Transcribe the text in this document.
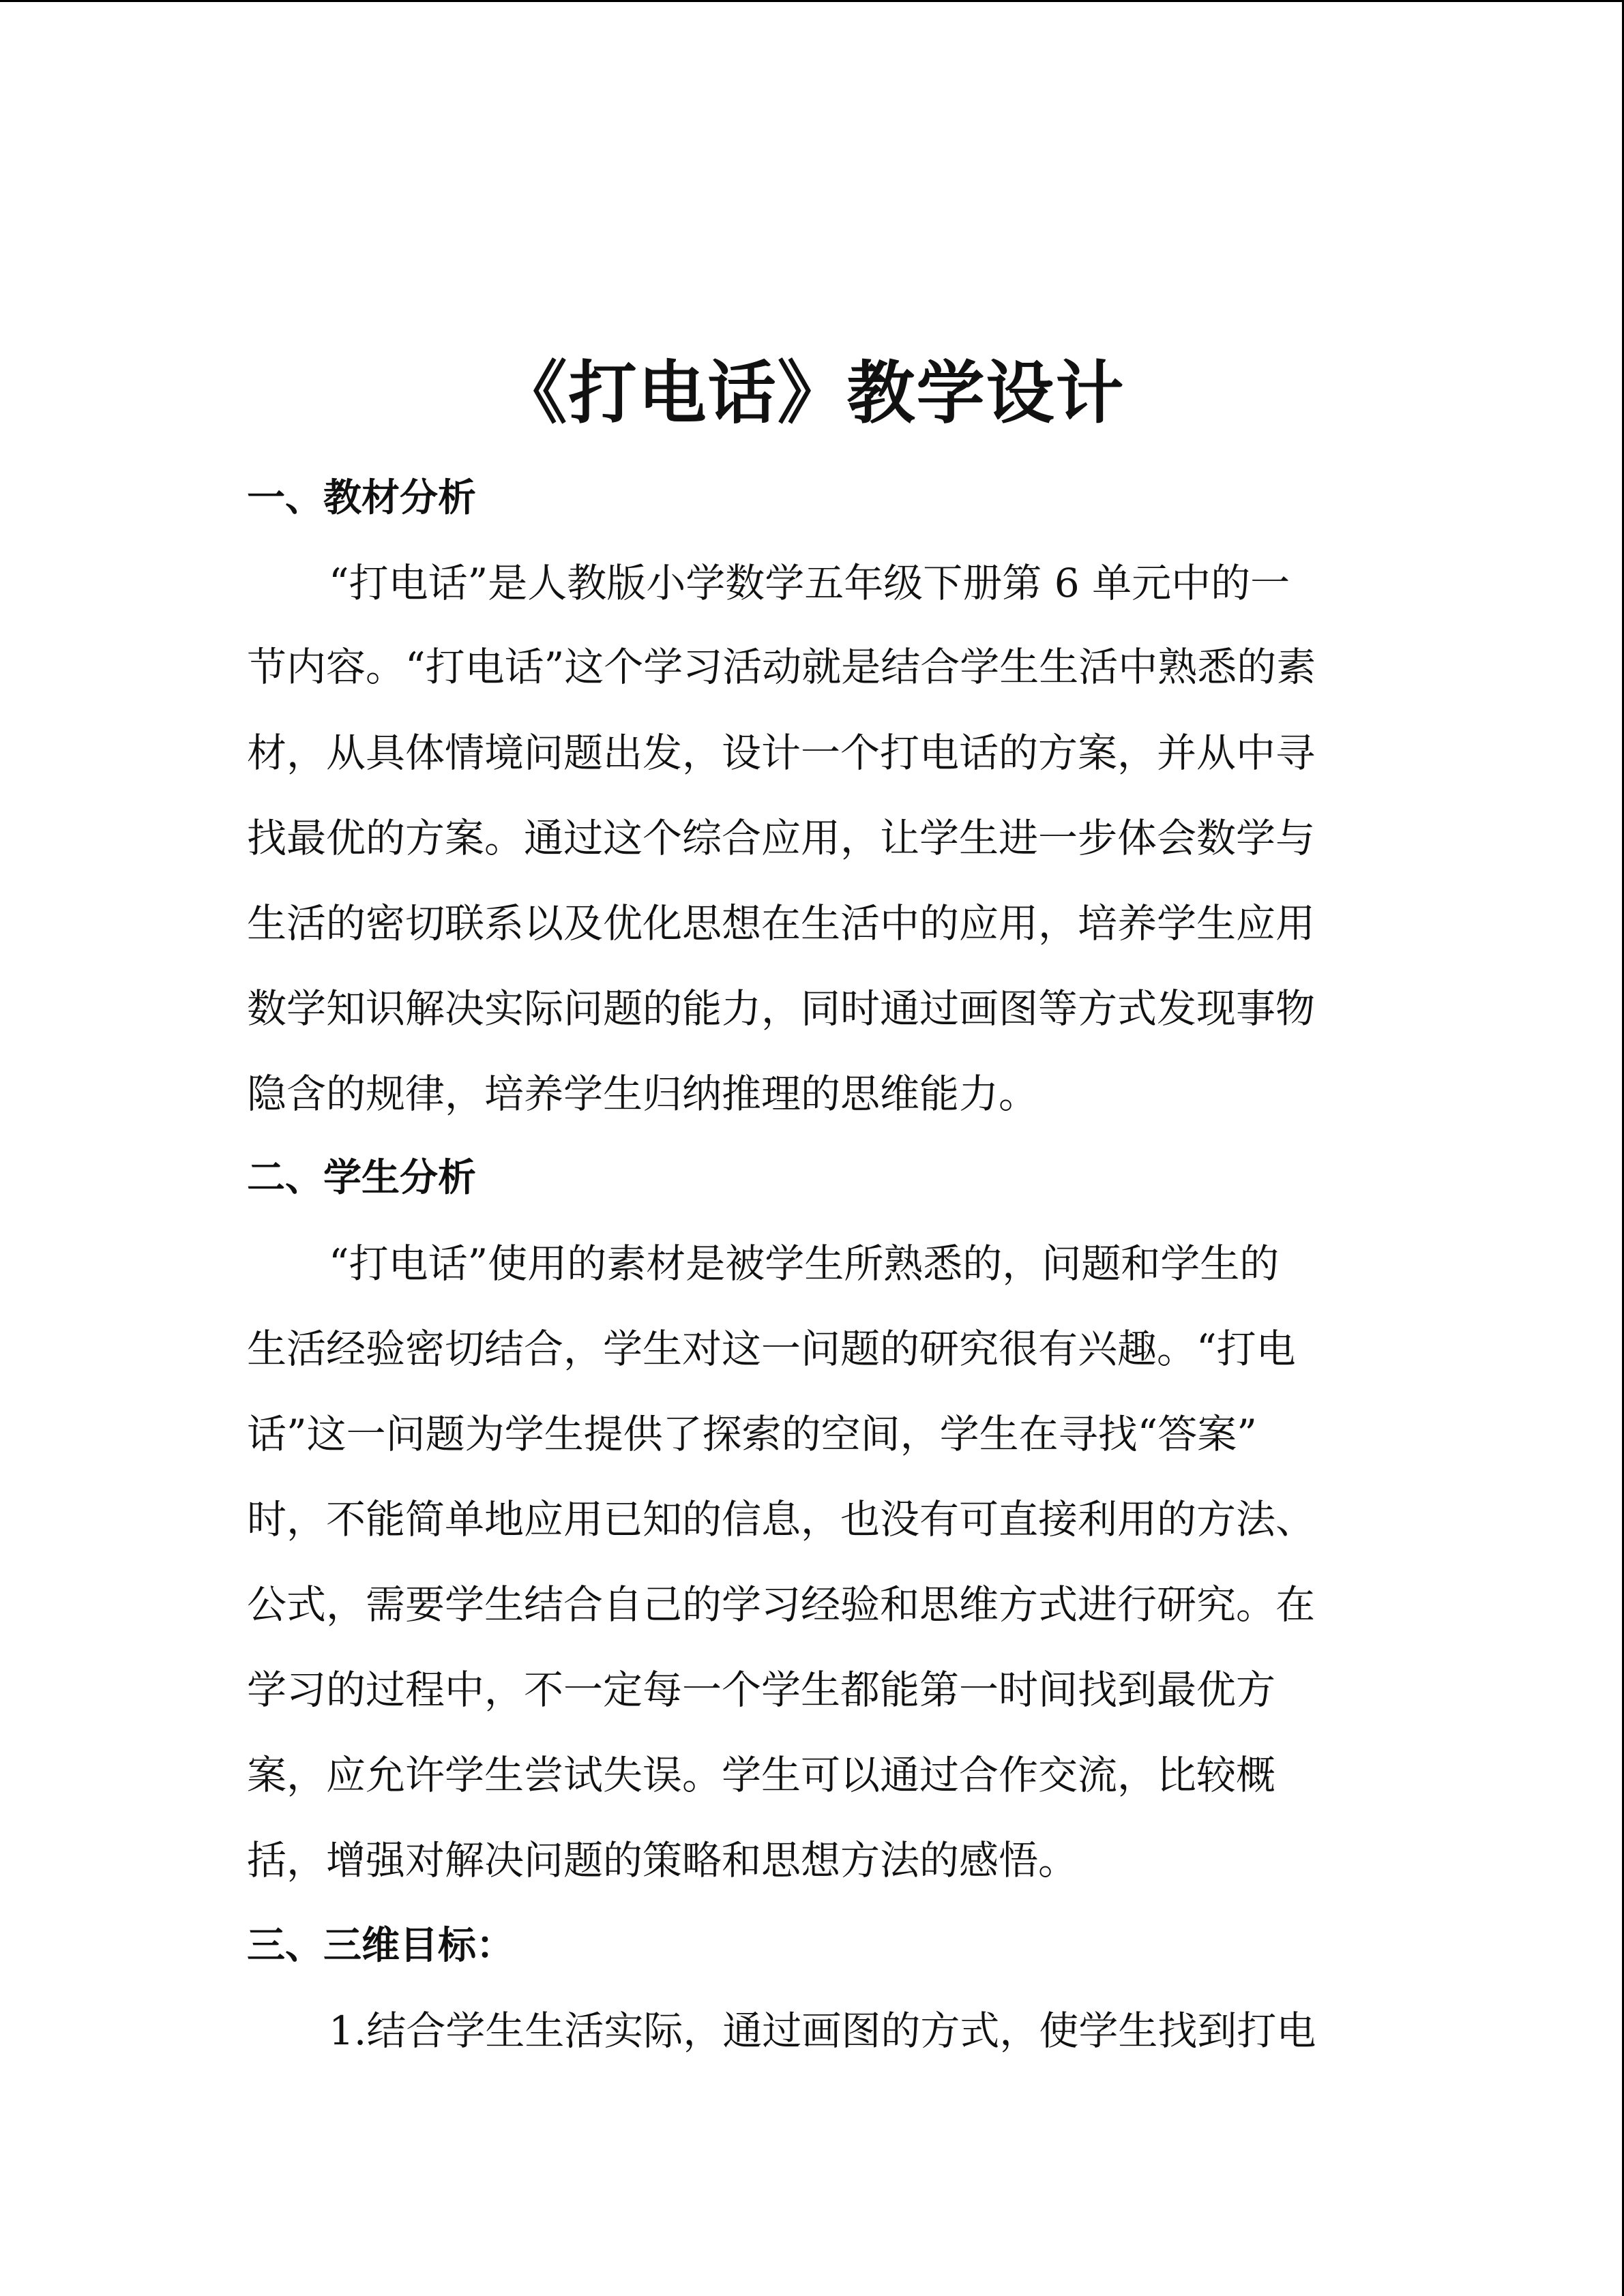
《打电话》教学设计
一、教材分析
“打电话”是人教版小学数学五年级下册第 6 单元中的一
节内容。“打电话”这个学习活动就是结合学生生活中熟悉的素
材，从具体情境问题出发，设计一个打电话的方案，并从中寻
找最优的方案。通过这个综合应用，让学生进一步体会数学与
生活的密切联系以及优化思想在生活中的应用，培养学生应用
数学知识解决实际问题的能力，同时通过画图等方式发现事物
隐含的规律，培养学生归纳推理的思维能力。
二、学生分析
“打电话”使用的素材是被学生所熟悉的，问题和学生的
生活经验密切结合，学生对这一问题的研究很有兴趣。“打电
话”这一问题为学生提供了探索的空间，学生在寻找“答案”
时，不能简单地应用已知的信息，也没有可直接利用的方法、
公式，需要学生结合自己的学习经验和思维方式进行研究。在
学习的过程中，不一定每一个学生都能第一时间找到最优方
案，应允许学生尝试失误。学生可以通过合作交流，比较概
括，增强对解决问题的策略和思想方法的感悟。
三、三维目标：
1.结合学生生活实际，通过画图的方式，使学生找到打电
